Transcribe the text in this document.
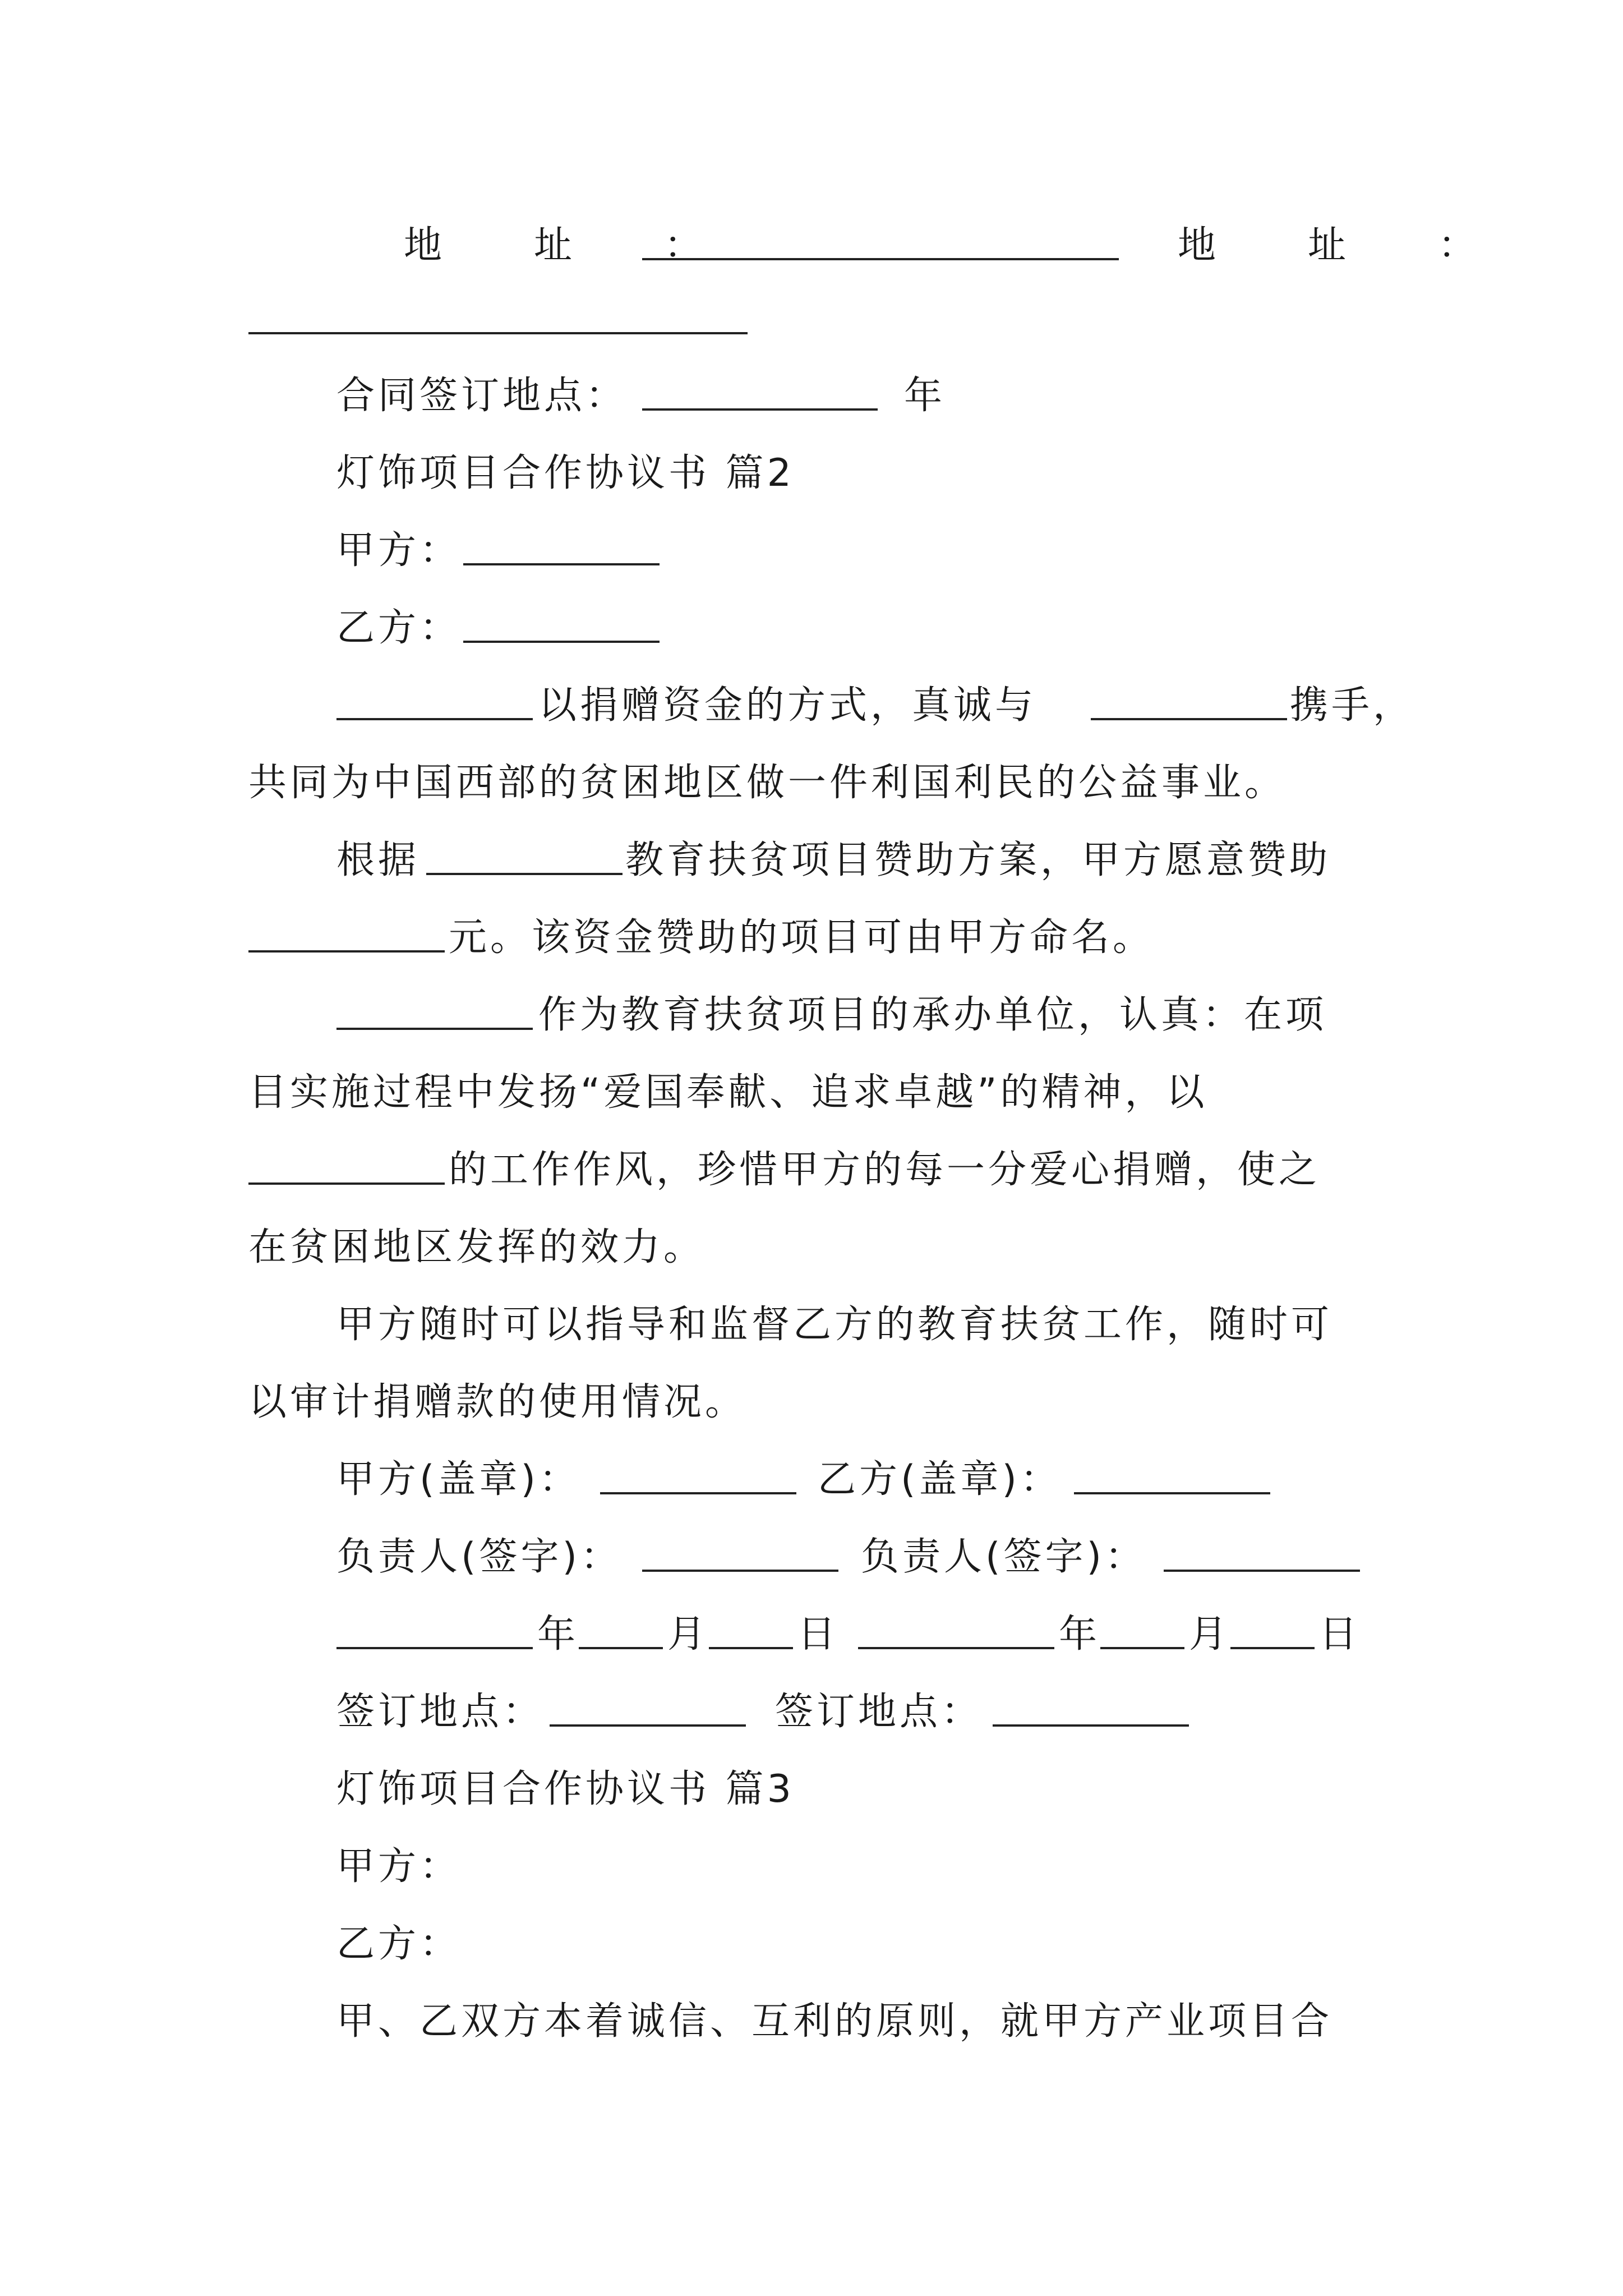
地　址　：	地　址　：
合同签订地点：	年
灯饰项目合作协议书 篇2
甲方：
乙方：
以捐赠资金的方式，真诚与	携手，
共同为中国西部的贫困地区做一件利国利民的公益事业。
根据	教育扶贫项目赞助方案，甲方愿意赞助
元。该资金赞助的项目可由甲方命名。
作为教育扶贫项目的承办单位，认真：在项
目实施过程中发扬“爱国奉献、追求卓越”的精神，以
的工作作风，珍惜甲方的每一分爱心捐赠，使之
在贫困地区发挥的效力。
甲方随时可以指导和监督乙方的教育扶贫工作，随时可
以审计捐赠款的使用情况。
甲方(盖章)：	乙方(盖章)：
负责人(签字)：	负责人(签字)：
年 月 日	年 月 日
签订地点：	签订地点：
灯饰项目合作协议书 篇3
甲方：
乙方：
甲、乙双方本着诚信、互利的原则，就甲方产业项目合
